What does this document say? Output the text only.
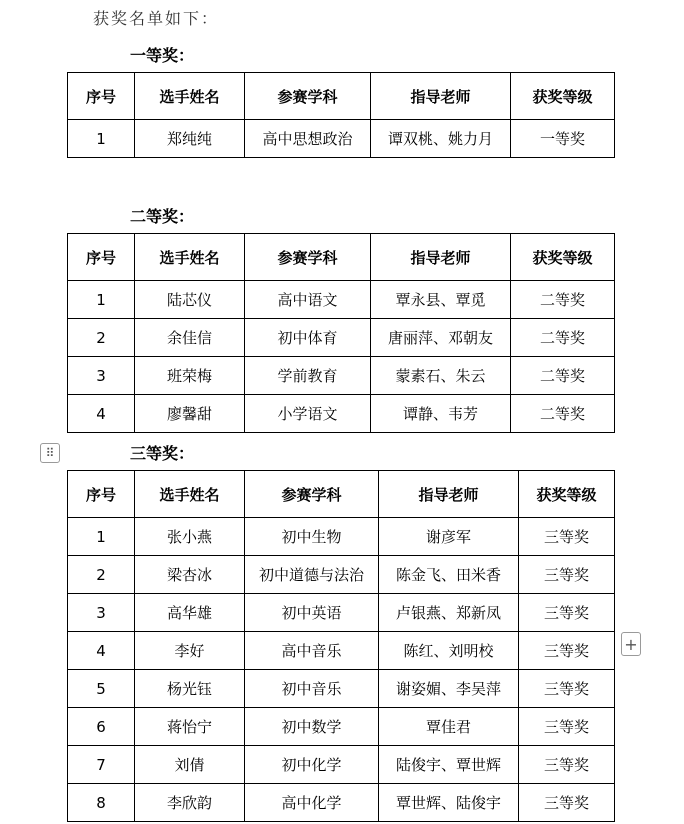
获奖名单如下：
一等奖：
序号	选手姓名	参赛学科	指导老师	获奖等级
1	郑纯纯	高中思想政治	谭双桃、姚力月	一等奖
二等奖：
序号	选手姓名	参赛学科	指导老师	获奖等级
1	陆芯仪	高中语文	覃永县、覃觅	二等奖
2	余佳信	初中体育	唐丽萍、邓朝友	二等奖
3	班荣梅	学前教育	蒙素石、朱云	二等奖
4	廖馨甜	小学语文	谭静、韦芳	二等奖
⠿	三等奖：
序号	选手姓名	参赛学科	指导老师	获奖等级
1	张小燕	初中生物	谢彦军	三等奖
2	梁杏冰	初中道德与法治	陈金飞、田米香	三等奖
3	高华雄	初中英语	卢银燕、郑新凤	三等奖
4	李好	高中音乐	陈红、刘明校	三等奖
5	杨光钰	初中音乐	谢姿媚、李吴萍	三等奖
6	蒋怡宁	初中数学	覃佳君	三等奖
7	刘倩	初中化学	陆俊宇、覃世辉	三等奖
8	李欣韵	高中化学	覃世辉、陆俊宇	三等奖
+
